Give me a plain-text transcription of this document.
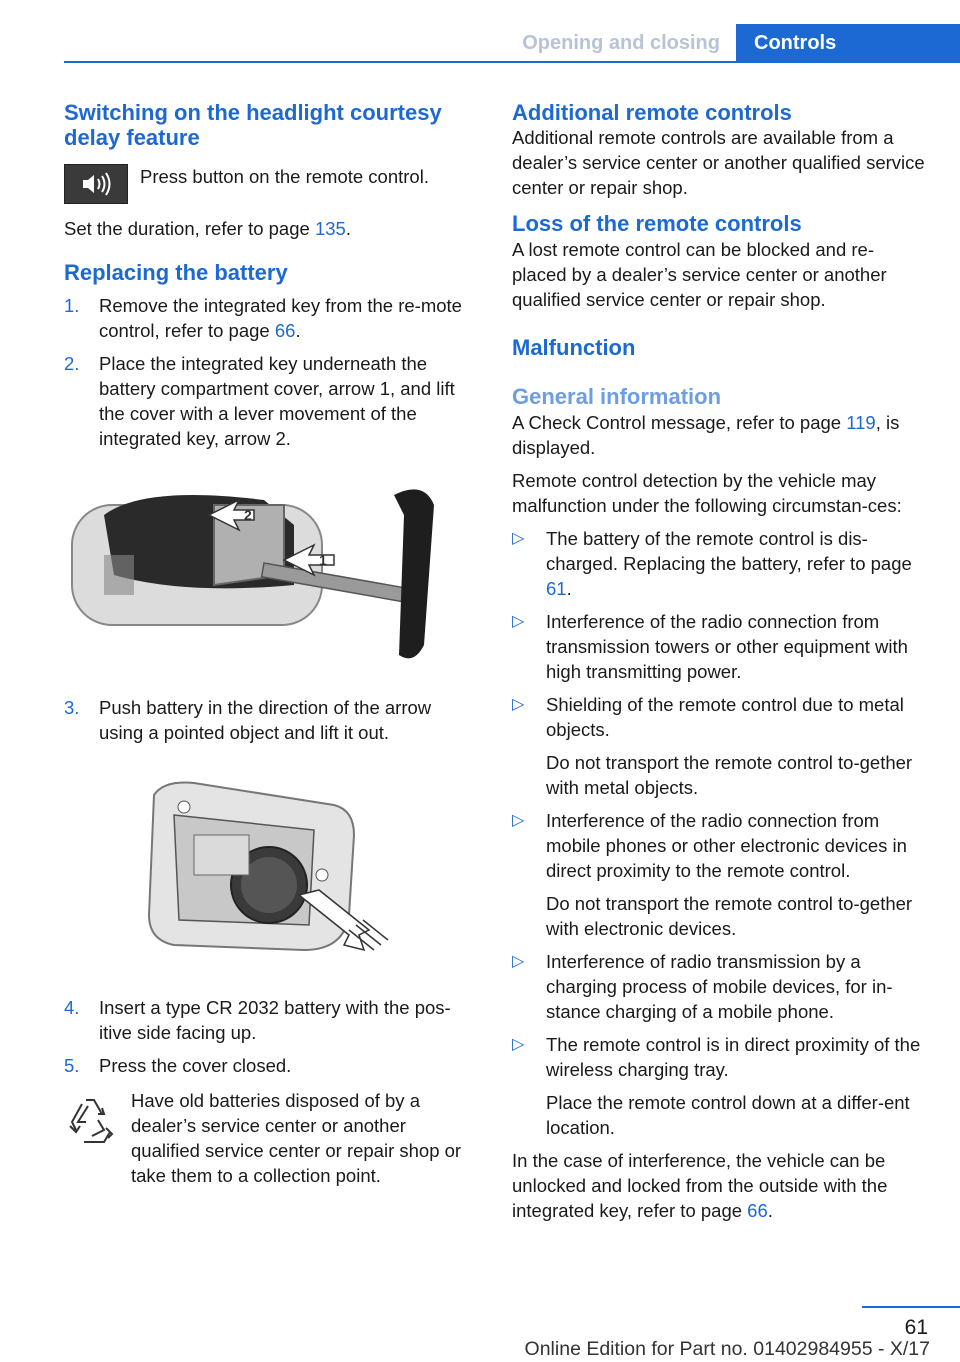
Opening and closing	Controls
Switching on the headlight courtesy delay feature
Press button on the remote control.

Set the duration, refer to page 135.

Replacing the battery
1. Remove the integrated key from the re-mote control, refer to page 66.
2. Place the integrated key underneath the battery compartment cover, arrow 1, and lift the cover with a lever movement of the integrated key, arrow 2.
2
1
3. Push battery in the direction of the arrow using a pointed object and lift it out.
4. Insert a type CR 2032 battery with the pos-itive side facing up.
5. Press the cover closed.

Have old batteries disposed of by a dealer’s service center or another qualified service center or repair shop or take them to a collection point.

Additional remote controls

Additional remote controls are available from a dealer’s service center or another qualified service center or repair shop.

Loss of the remote controls

A lost remote control can be blocked and re-placed by a dealer’s service center or another qualified service center or repair shop.

Malfunction
General information

A Check Control message, refer to page 119, is displayed.

Remote control detection by the vehicle may malfunction under the following circumstan-ces:

▷ The battery of the remote control is dis-charged. Replacing the battery, refer to page 61.

▷ Interference of the radio connection from transmission towers or other equipment with high transmitting power.

▷ Shielding of the remote control due to metal objects.

Do not transport the remote control to-gether with metal objects.

▷ Interference of the radio connection from mobile phones or other electronic devices in direct proximity to the remote control.

Do not transport the remote control to-gether with electronic devices.

▷ Interference of radio transmission by a charging process of mobile devices, for in-stance charging of a mobile phone.

▷ The remote control is in direct proximity of the wireless charging tray.

Place the remote control down at a differ-ent location.

In the case of interference, the vehicle can be unlocked and locked from the outside with the integrated key, refer to page 66.

61
Online Edition for Part no. 01402984955 - X/17
